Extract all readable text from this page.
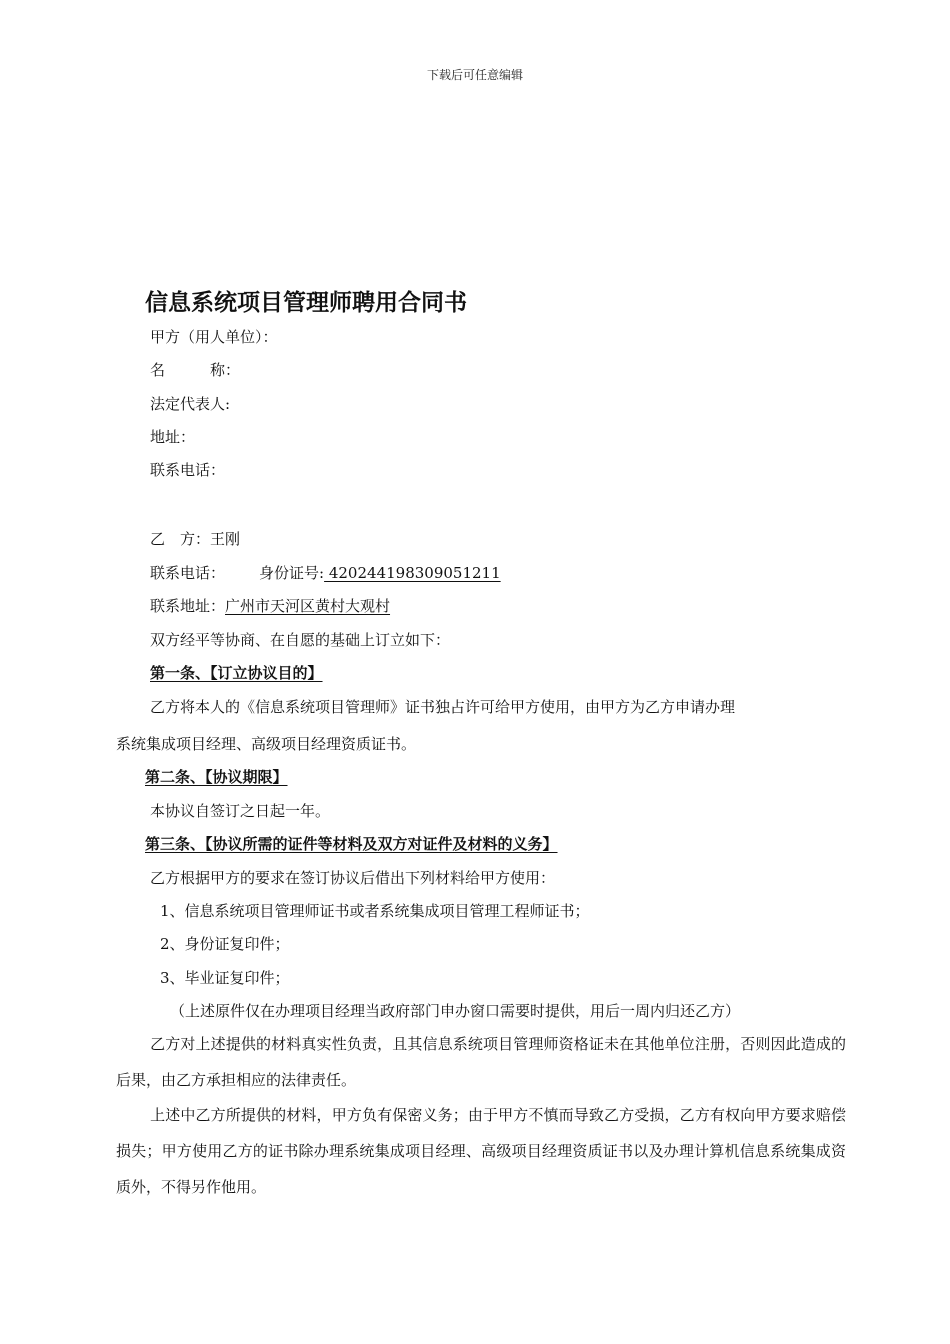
下载后可任意编辑
信息系统项目管理师聘用合同书
甲方（用人单位）：
名　　　称：
法定代表人:
地址：
联系电话：
乙　方：王刚
联系电话： 身份证号: 420244198309051211
联系地址：广州市天河区黄村大观村
双方经平等协商、在自愿的基础上订立如下：
第一条、【订立协议目的】
乙方将本人的《信息系统项目管理师》证书独占许可给甲方使用，由甲方为乙方申请办理
系统集成项目经理、高级项目经理资质证书。
第二条、【协议期限】
本协议自签订之日起一年。
第三条、【协议所需的证件等材料及双方对证件及材料的义务】
乙方根据甲方的要求在签订协议后借出下列材料给甲方使用：
1、信息系统项目管理师证书或者系统集成项目管理工程师证书；
2、身份证复印件；
3、毕业证复印件；
（上述原件仅在办理项目经理当政府部门申办窗口需要时提供，用后一周内归还乙方）
乙方对上述提供的材料真实性负责，且其信息系统项目管理师资格证未在其他单位注册，否则因此造成的后果，由乙方承担相应的法律责任。
上述中乙方所提供的材料，甲方负有保密义务；由于甲方不慎而导致乙方受损，乙方有权向甲方要求赔偿损失；甲方使用乙方的证书除办理系统集成项目经理、高级项目经理资质证书以及办理计算机信息系统集成资质外，不得另作他用。
